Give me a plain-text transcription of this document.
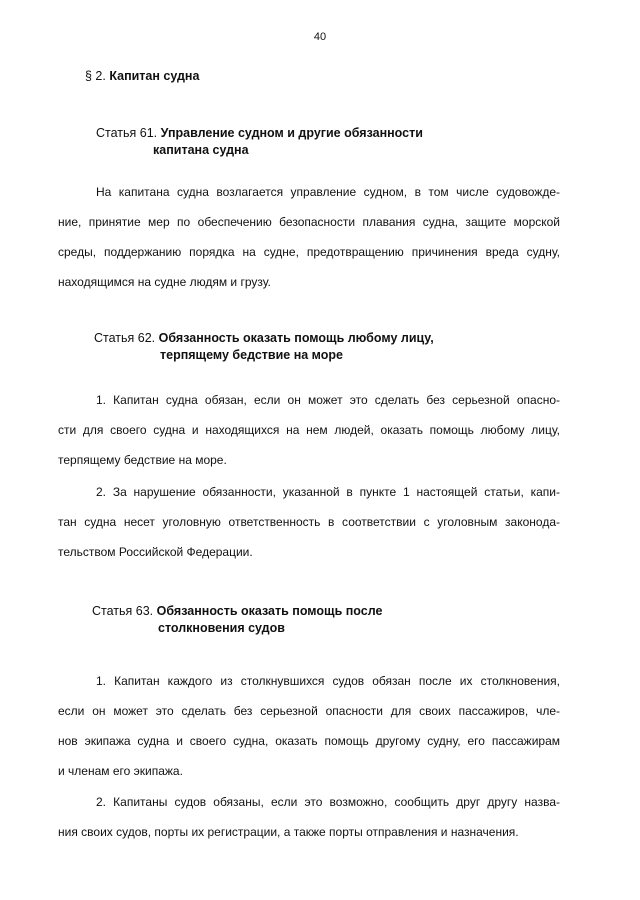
40
§ 2. Капитан судна
Статья 61. Управление судном и другие обязанности
капитана судна
На капитана судна возлагается управление судном, в том числе судовожде-
ние, принятие мер по обеспечению безопасности плавания судна, защите морской
среды, поддержанию порядка на судне, предотвращению причинения вреда судну,
находящимся на судне людям и грузу.
Статья 62. Обязанность оказать помощь любому лицу,
терпящему бедствие на море
1. Капитан судна обязан, если он может это сделать без серьезной опасно-
сти для своего судна и находящихся на нем людей, оказать помощь любому лицу,
терпящему бедствие на море.
2. За нарушение обязанности, указанной в пункте 1 настоящей статьи, капи-
тан судна несет уголовную ответственность в соответствии с уголовным законода-
тельством Российской Федерации.
Статья 63. Обязанность оказать помощь после
столкновения судов
1. Капитан каждого из столкнувшихся судов обязан после их столкновения,
если он может это сделать без серьезной опасности для своих пассажиров, чле-
нов экипажа судна и своего судна, оказать помощь другому судну, его пассажирам
и членам его экипажа.
2. Капитаны судов обязаны, если это возможно, сообщить друг другу назва-
ния своих судов, порты их регистрации, а также порты отправления и назначения.
